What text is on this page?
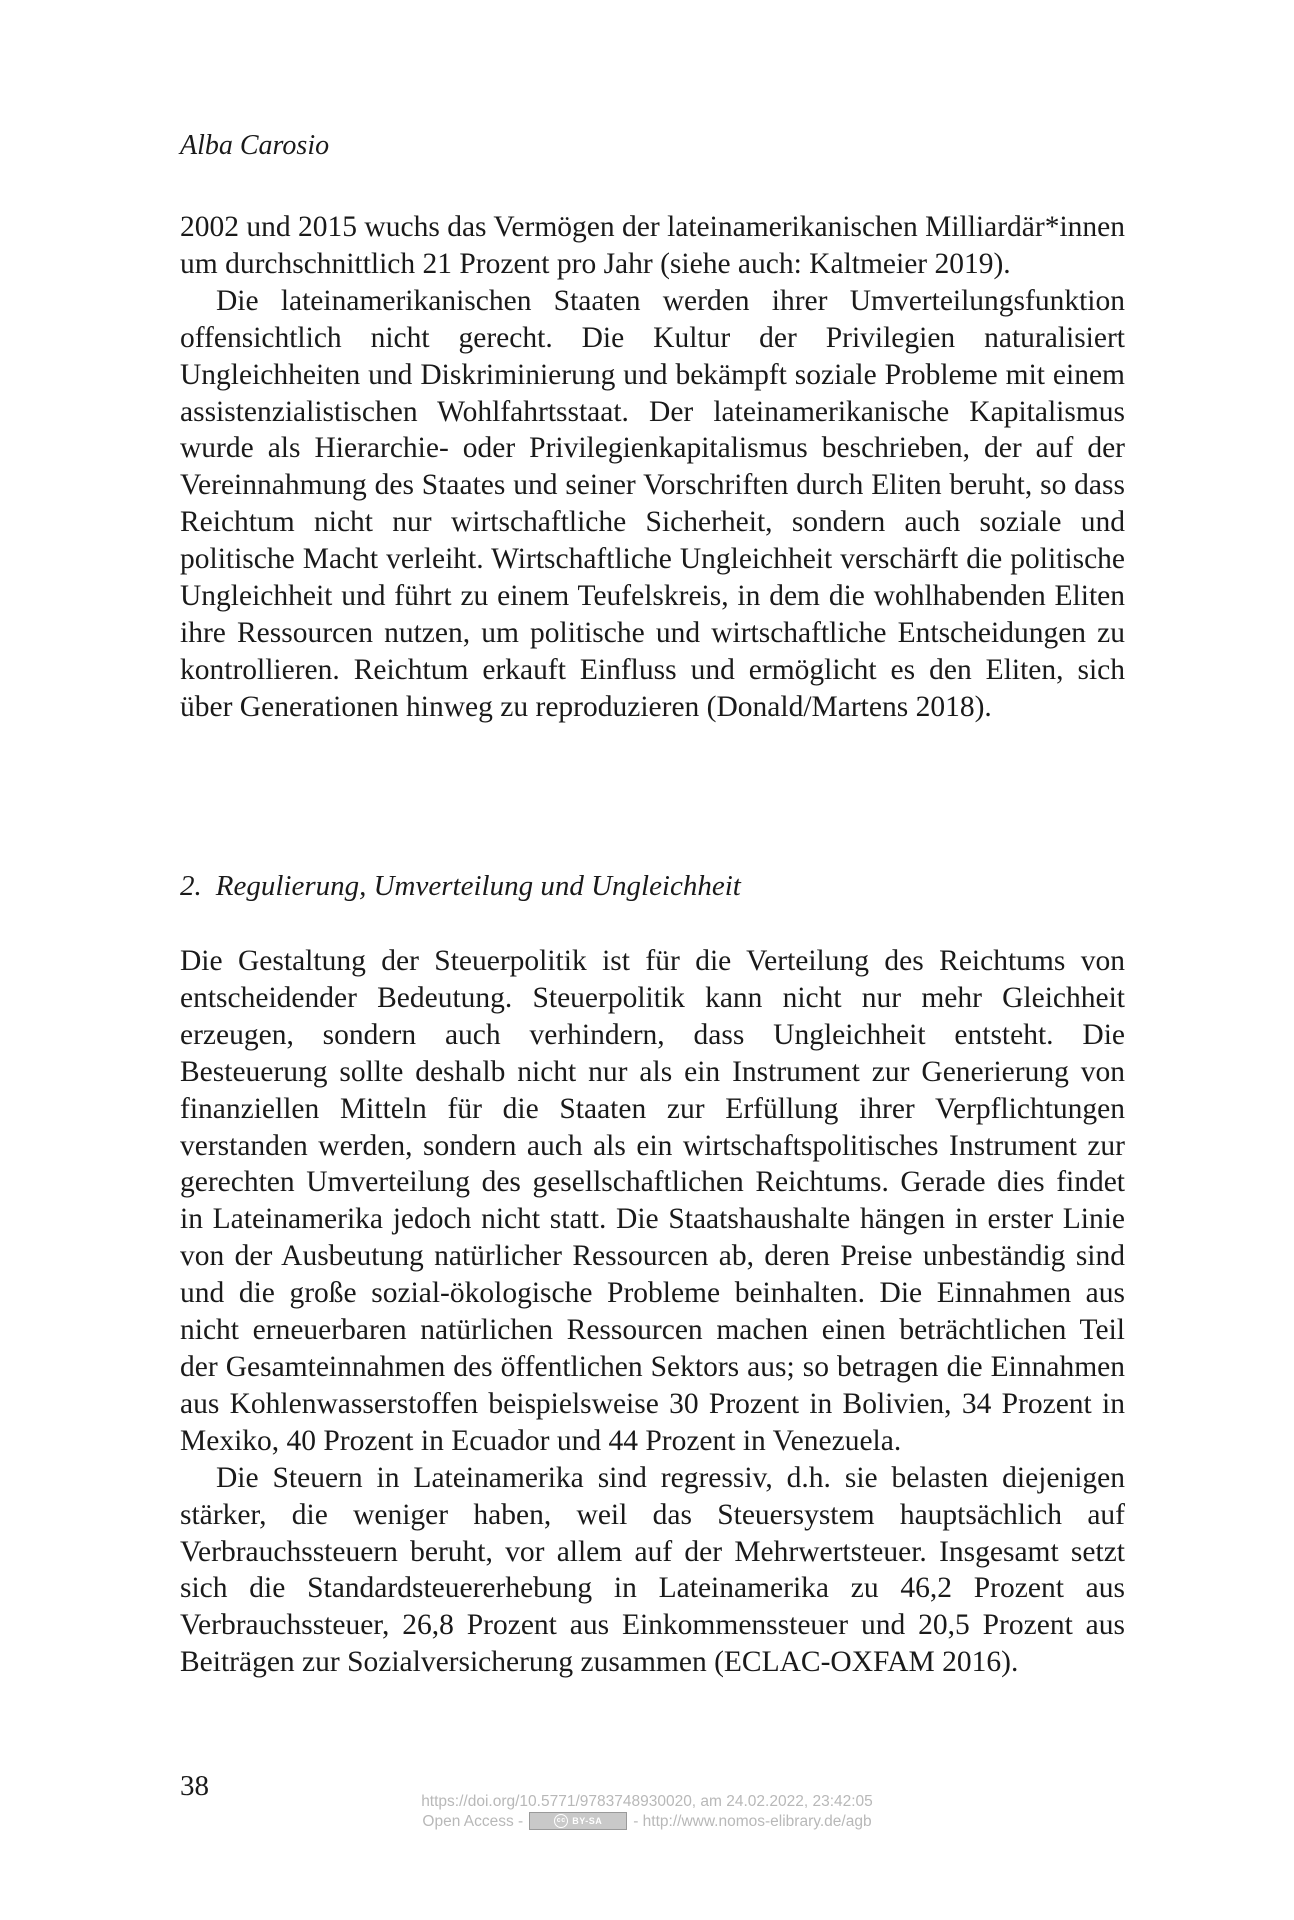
Alba Carosio

2002 und 2015 wuchs das Vermögen der lateinamerikanischen Milliardär*innen um durchschnittlich 21 Prozent pro Jahr (siehe auch: Kaltmeier 2019).

Die lateinamerikanischen Staaten werden ihrer Umverteilungsfunktion offensichtlich nicht gerecht. Die Kultur der Privilegien naturalisiert Ungleichheiten und Diskriminierung und bekämpft soziale Probleme mit einem assistenzialistischen Wohlfahrtsstaat. Der lateinamerikanische Kapitalismus wurde als Hierarchie- oder Privilegienkapitalismus beschrieben, der auf der Vereinnahmung des Staates und seiner Vorschriften durch Eliten beruht, so dass Reichtum nicht nur wirtschaftliche Sicherheit, sondern auch soziale und politische Macht verleiht. Wirtschaftliche Ungleichheit verschärft die politische Ungleichheit und führt zu einem Teufelskreis, in dem die wohlhabenden Eliten ihre Ressourcen nutzen, um politische und wirtschaftliche Entscheidungen zu kontrollieren. Reichtum erkauft Einfluss und ermöglicht es den Eliten, sich über Generationen hinweg zu reproduzieren (Donald/Martens 2018).

2. Regulierung, Umverteilung und Ungleichheit

Die Gestaltung der Steuerpolitik ist für die Verteilung des Reichtums von entscheidender Bedeutung. Steuerpolitik kann nicht nur mehr Gleichheit erzeugen, sondern auch verhindern, dass Ungleichheit entsteht. Die Besteuerung sollte deshalb nicht nur als ein Instrument zur Generierung von finanziellen Mitteln für die Staaten zur Erfüllung ihrer Verpflichtungen verstanden werden, sondern auch als ein wirtschaftspolitisches Instrument zur gerechten Umverteilung des gesellschaftlichen Reichtums. Gerade dies findet in Lateinamerika jedoch nicht statt. Die Staatshaushalte hängen in erster Linie von der Ausbeutung natürlicher Ressourcen ab, deren Preise unbeständig sind und die große sozial-ökologische Probleme beinhalten. Die Einnahmen aus nicht erneuerbaren natürlichen Ressourcen machen einen beträchtlichen Teil der Gesamteinnahmen des öffentlichen Sektors aus; so betragen die Einnahmen aus Kohlenwasserstoffen beispielsweise 30 Prozent in Bolivien, 34 Prozent in Mexiko, 40 Prozent in Ecuador und 44 Prozent in Venezuela.

Die Steuern in Lateinamerika sind regressiv, d.h. sie belasten diejenigen stärker, die weniger haben, weil das Steuersystem hauptsächlich auf Verbrauchssteuern beruht, vor allem auf der Mehrwertsteuer. Insgesamt setzt sich die Standardsteuererhebung in Lateinamerika zu 46,2 Prozent aus Verbrauchssteuer, 26,8 Prozent aus Einkommenssteuer und 20,5 Prozent aus Beiträgen zur Sozialversicherung zusammen (ECLAC-OXFAM 2016).

38	https://doi.org/10.5771/9783748930020, am 24.02.2022, 23:42:05
Open Access -	cc BY-SA - http://www.nomos-elibrary.de/agb
